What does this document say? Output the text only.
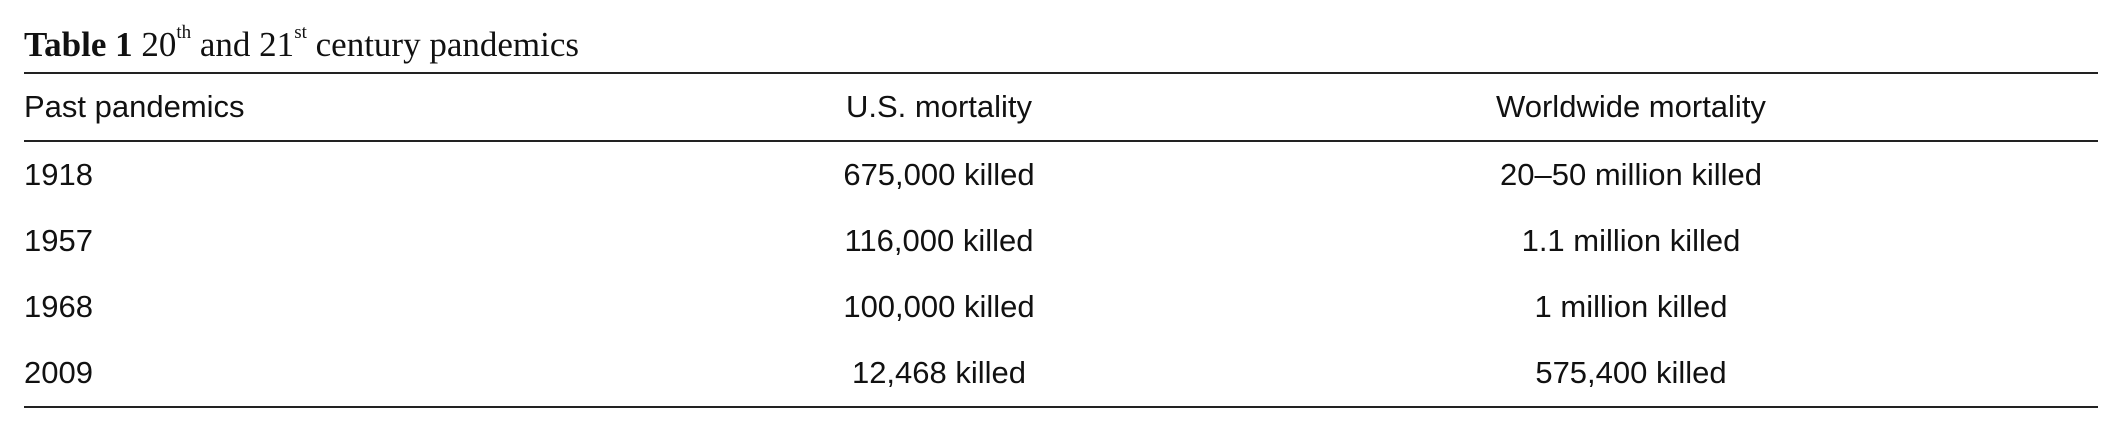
Table 1 20th and 21st century pandemics
Past pandemics	U.S. mortality	Worldwide mortality
1918	675,000 killed	20–50 million killed
1957	116,000 killed	1.1 million killed
1968	100,000 killed	1 million killed
2009	12,468 killed	575,400 killed
